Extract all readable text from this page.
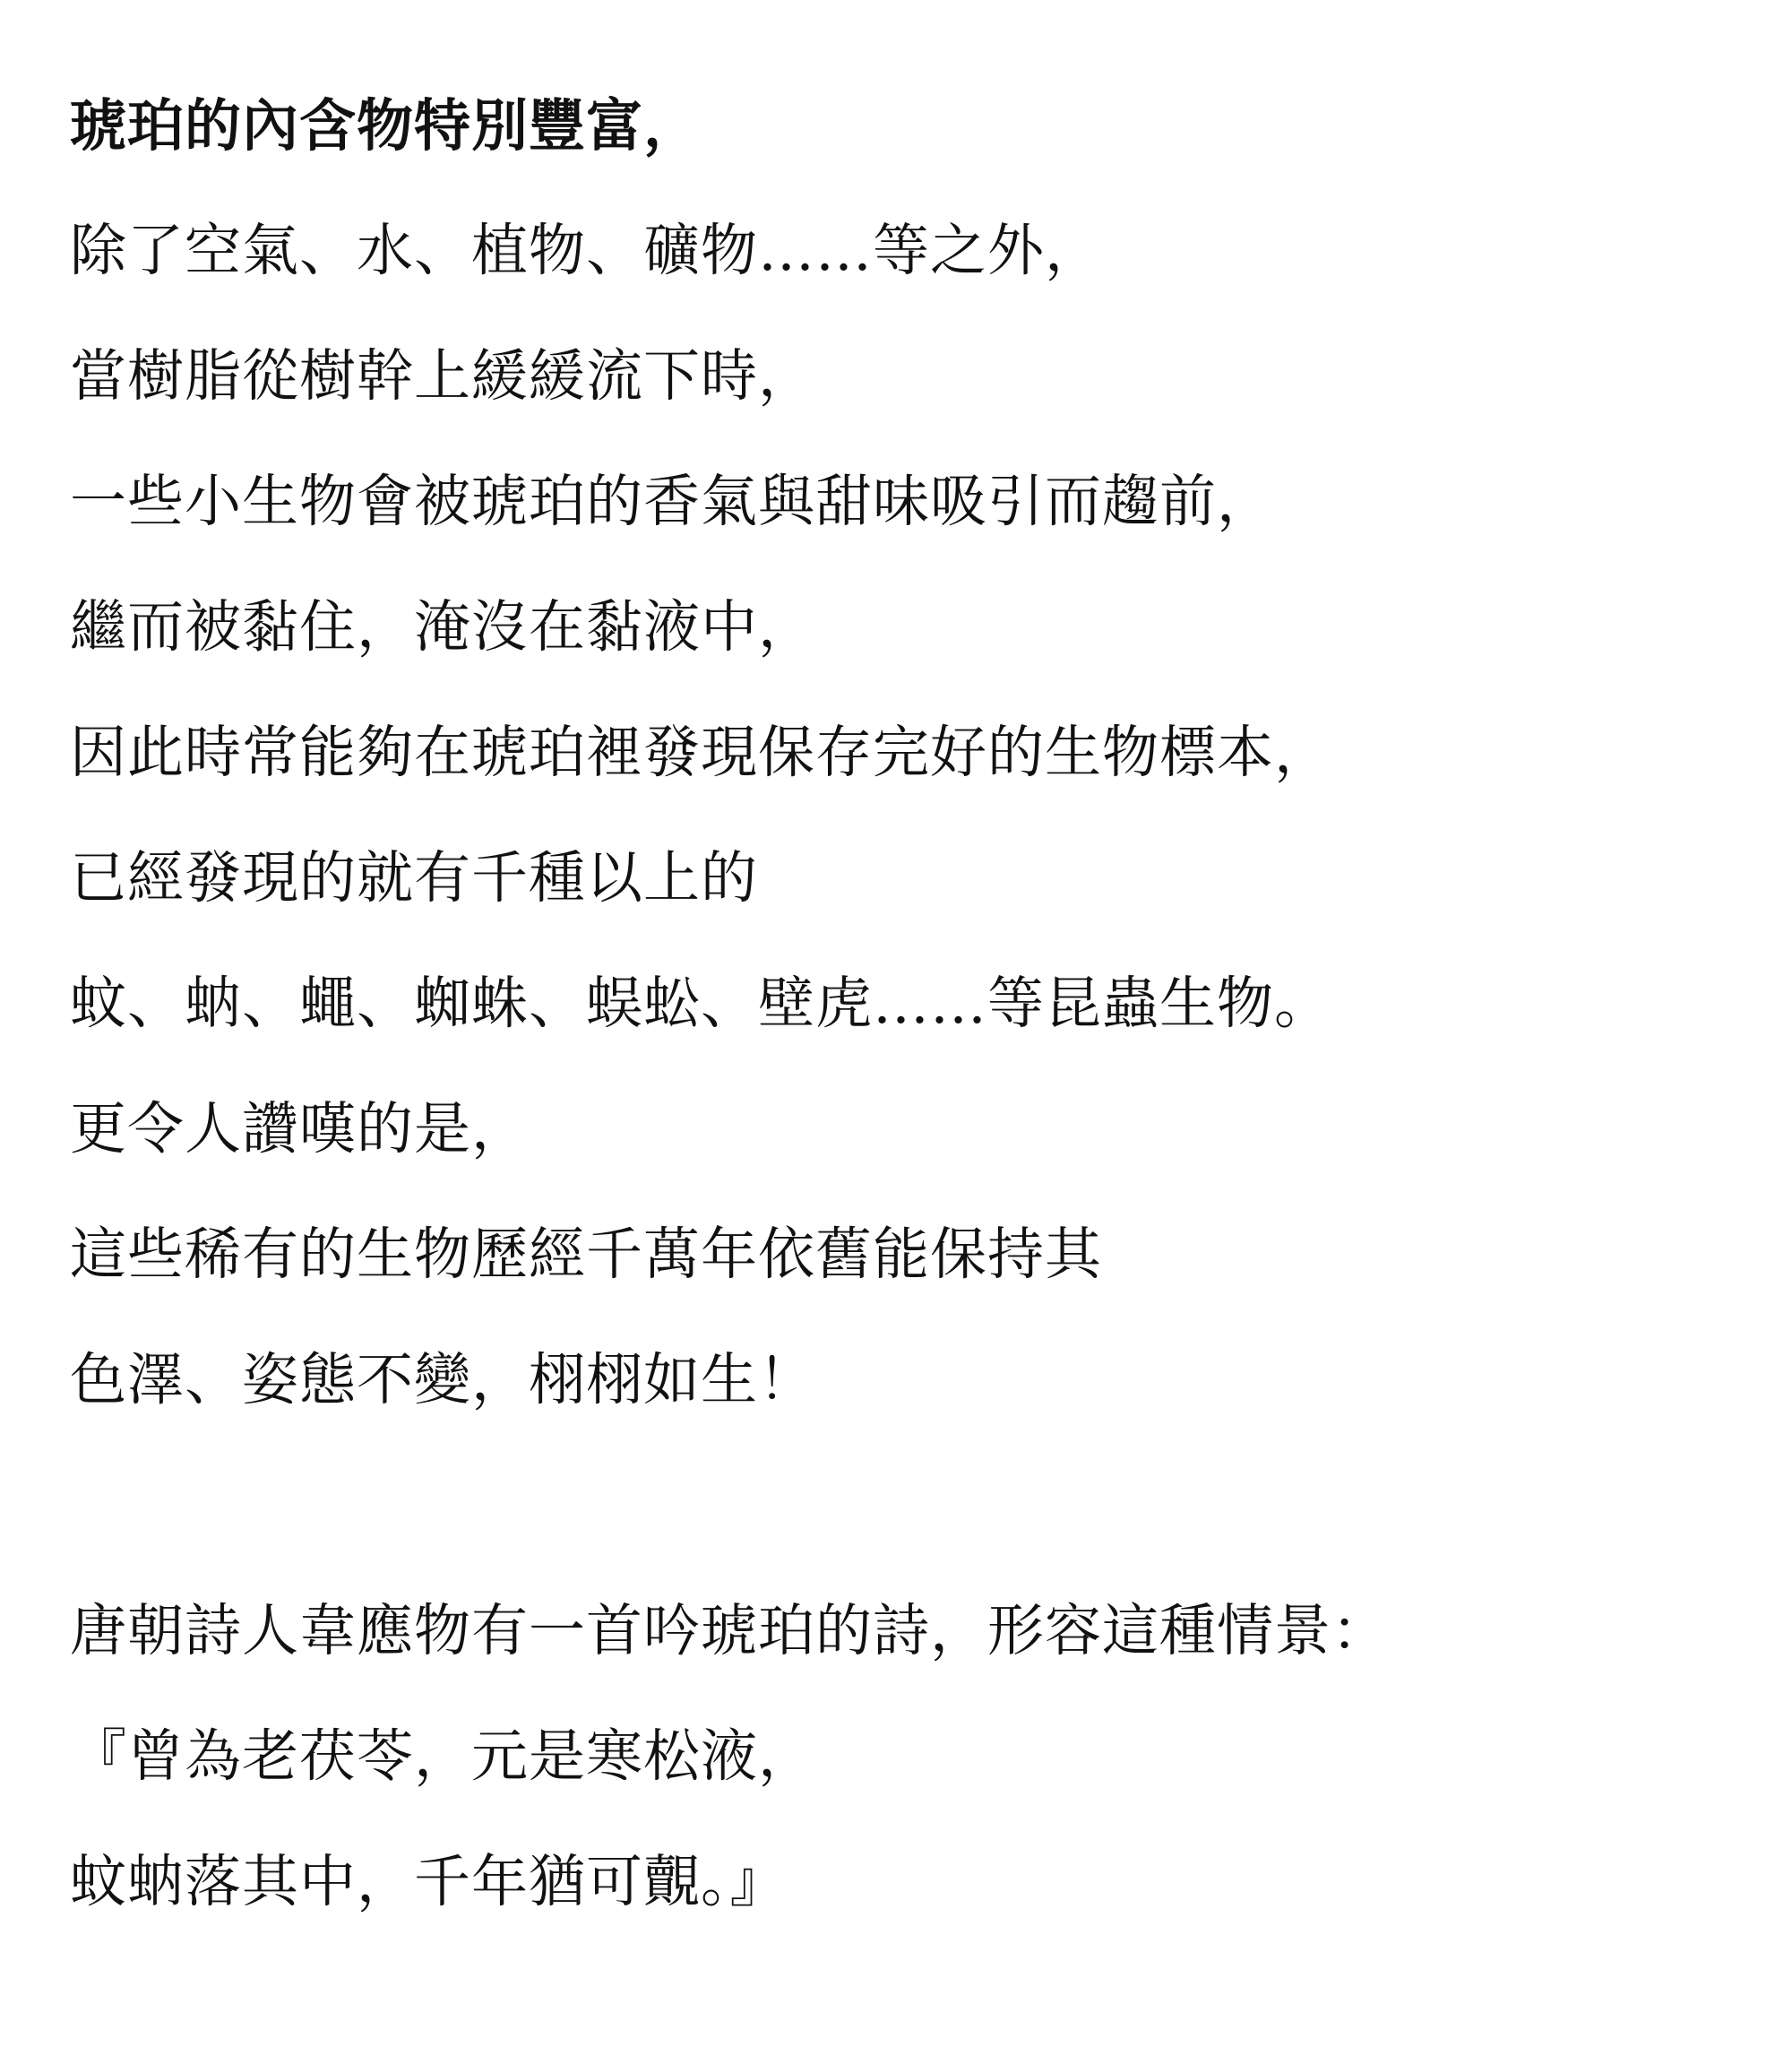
琥珀的內含物特別豐富，
除了空氣、水、植物、礦物……等之外，
當樹脂從樹幹上緩緩流下時，
一些小生物會被琥珀的香氣與甜味吸引而趨前，
繼而被黏住，淹沒在黏液中，
因此時常能夠在琥珀裡發現保存完好的生物標本，
已經發現的就有千種以上的
蚊、蚋、蠅、蜘蛛、蜈蚣、壁虎……等昆蟲生物。
更令人讚嘆的是，
這些稀有的生物歷經千萬年依舊能保持其
色澤、姿態不變，栩栩如生！
唐朝詩人韋應物有一首吟琥珀的詩，形容這種情景：
『曾為老茯苓，元是寒松液，
蚊蚋落其中，千年猶可覿。』
